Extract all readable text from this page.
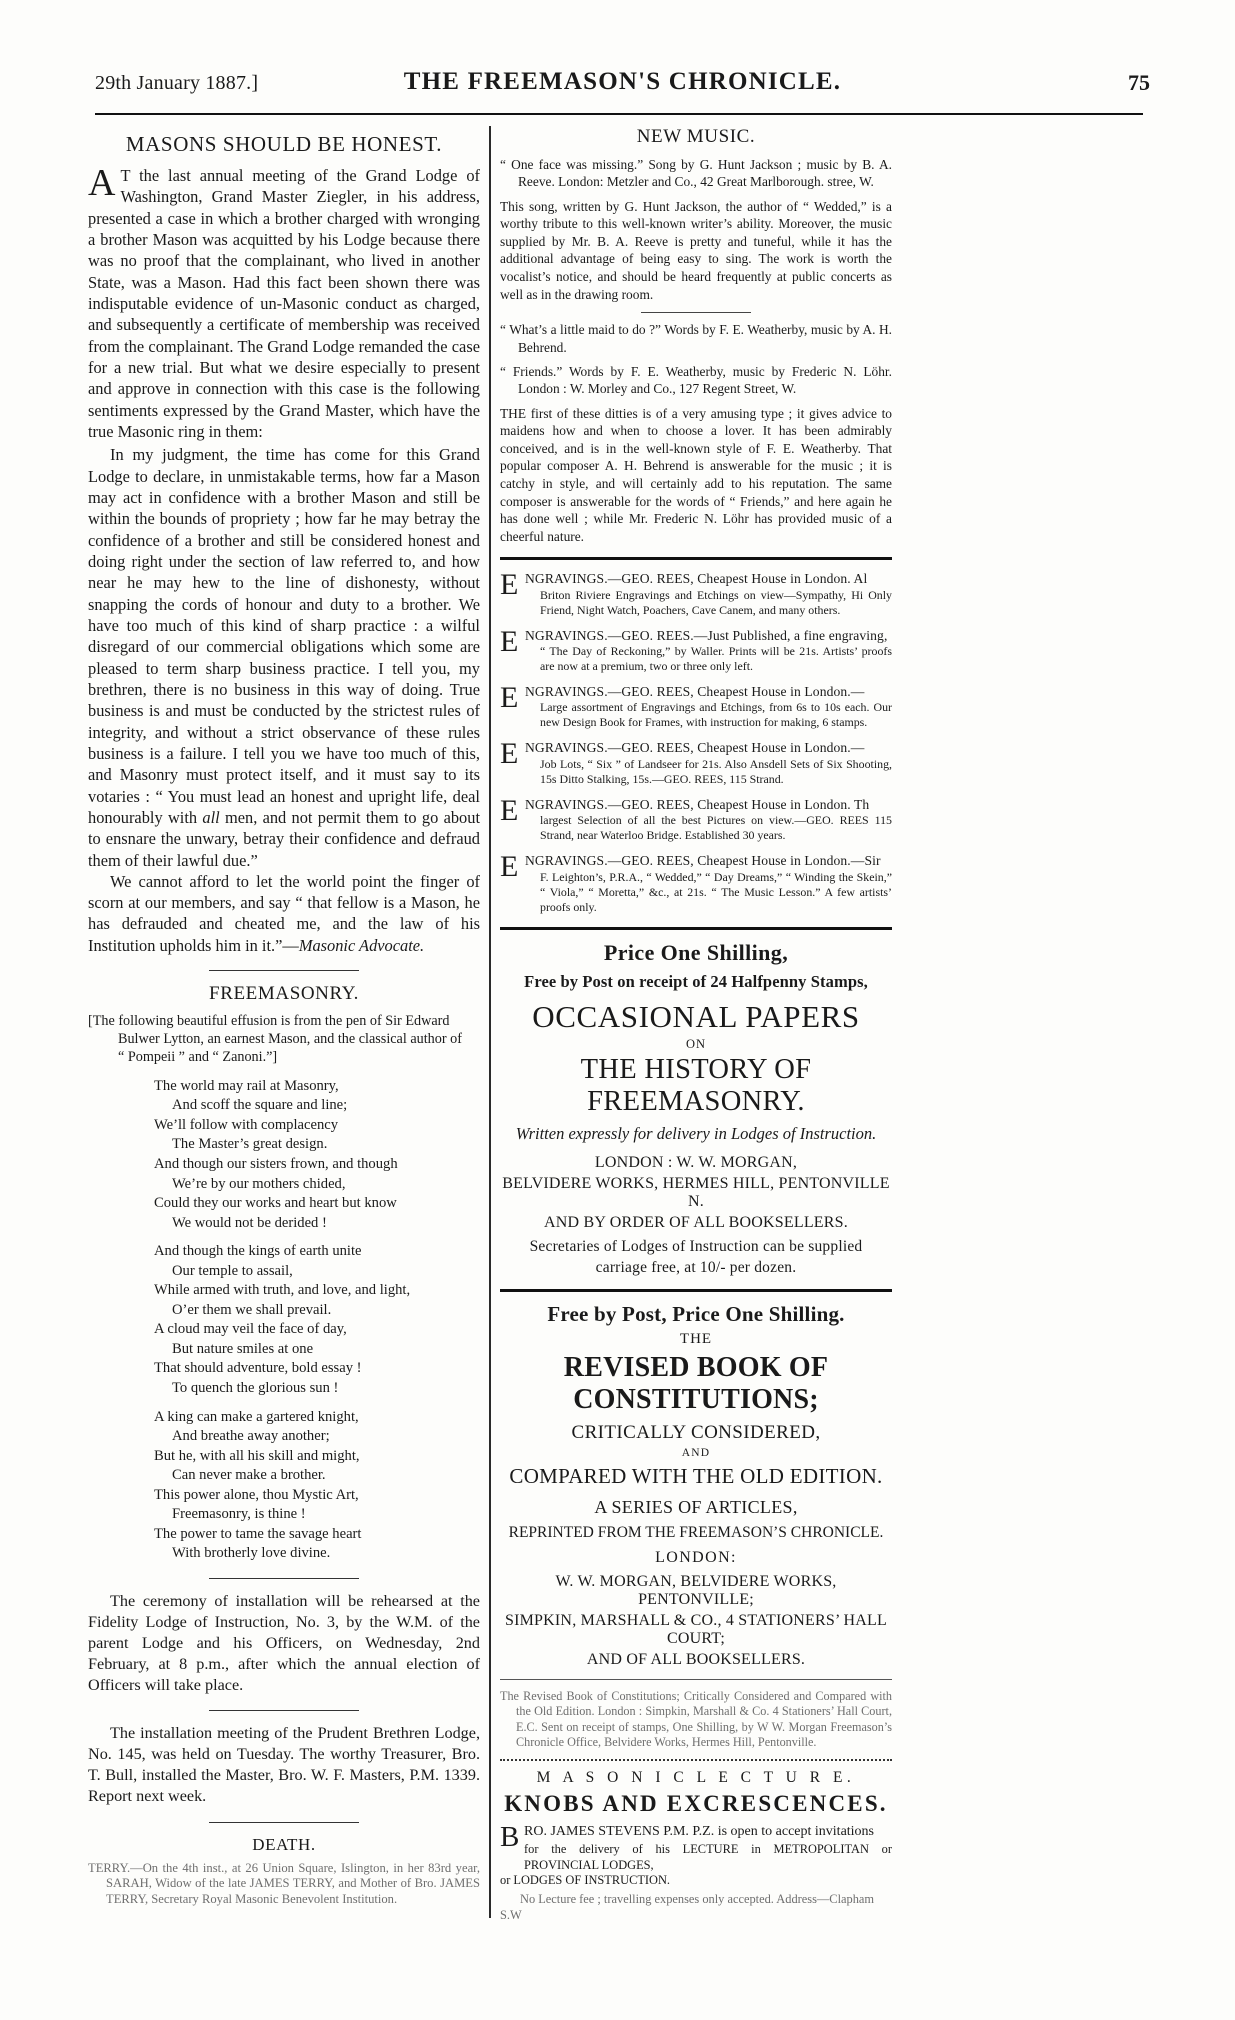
29th January 1887.]	THE FREEMASON'S CHRONICLE.	75
MASONS SHOULD BE HONEST.
A T the last annual meeting of the Grand Lodge of Washington, Grand Master Ziegler, in his address, presented a case in which a brother charged with wronging a brother Mason was acquitted by his Lodge because there was no proof that the complainant, who lived in another State, was a Mason. Had this fact been shown there was indisputable evidence of un-Masonic conduct as charged, and subsequently a certificate of membership was received from the complainant. The Grand Lodge remanded the case for a new trial. But what we desire especially to present and approve in connection with this case is the following sentiments expressed by the Grand Master, which have the true Masonic ring in them:

In my judgment, the time has come for this Grand Lodge to declare, in unmistakable terms, how far a Mason may act in confidence with a brother Mason and still be within the bounds of propriety ; how far he may betray the confidence of a brother and still be considered honest and doing right under the section of law referred to, and how near he may hew to the line of dishonesty, without snapping the cords of honour and duty to a brother. We have too much of this kind of sharp practice : a wilful disregard of our commercial obligations which some are pleased to term sharp business practice. I tell you, my brethren, there is no business in this way of doing. True business is and must be conducted by the strictest rules of integrity, and without a strict observance of these rules business is a failure. I tell you we have too much of this, and Masonry must protect itself, and it must say to its votaries : “ You must lead an honest and upright life, deal honourably with all men, and not permit them to go about to ensnare the unwary, betray their confidence and defraud them of their lawful due.”

We cannot afford to let the world point the finger of scorn at our members, and say “ that fellow is a Mason, he has defrauded and cheated me, and the law of his Institution upholds him in it.”—Masonic Advocate.

FREEMASONRY.
[The following beautiful effusion is from the pen of Sir Edward
Bulwer Lytton, an earnest Mason, and the classical author of
“ Pompeii ” and “ Zanoni.”]
The world may rail at Masonry,
And scoff the square and line;
We’ll follow with complacency
The Master’s great design.
And though our sisters frown, and though
We’re by our mothers chided,
Could they our works and heart but know
We would not be derided !
And though the kings of earth unite
Our temple to assail,
While armed with truth, and love, and light,
O’er them we shall prevail.
A cloud may veil the face of day,
But nature smiles at one
That should adventure, bold essay !
To quench the glorious sun !
A king can make a gartered knight,
And breathe away another;
But he, with all his skill and might,
Can never make a brother.
This power alone, thou Mystic Art,
Freemasonry, is thine !
The power to tame the savage heart
With brotherly love divine.

The ceremony of installation will be rehearsed at the Fidelity Lodge of Instruction, No. 3, by the W.M. of the parent Lodge and his Officers, on Wednesday, 2nd February, at 8 p.m., after which the annual election of Officers will take place.

The installation meeting of the Prudent Brethren Lodge, No. 145, was held on Tuesday. The worthy Treasurer, Bro. T. Bull, installed the Master, Bro. W. F. Masters, P.M. 1339. Report next week.

DEATH.
TERRY.—On the 4th inst., at 26 Union Square, Islington, in her 83rd year, SARAH, Widow of the late JAMES TERRY, and Mother of Bro. JAMES TERRY, Secretary Royal Masonic Benevolent Institution.
NEW MUSIC.
“ One face was missing.” Song by G. Hunt Jackson ; music by B. A. Reeve. London: Metzler and Co., 42 Great Marlborough. stree, W.
This song, written by G. Hunt Jackson, the author of “ Wedded,” is a worthy tribute to this well-known writer’s ability. Moreover, the music supplied by Mr. B. A. Reeve is pretty and tuneful, while it has the additional advantage of being easy to sing. The work is worth the vocalist’s notice, and should be heard frequently at public concerts as well as in the drawing room.
“ What’s a little maid to do ?” Words by F. E. Weatherby, music by A. H. Behrend.
“ Friends.” Words by F. E. Weatherby, music by Frederic N. Löhr. London : W. Morley and Co., 127 Regent Street, W.
THE first of these ditties is of a very amusing type ; it gives advice to maidens how and when to choose a lover. It has been admirably conceived, and is in the well-known style of F. E. Weatherby. That popular composer A. H. Behrend is answerable for the music ; it is catchy in style, and will certainly add to his reputation. The same composer is answerable for the words of “ Friends,” and here again he has done well ; while Mr. Frederic N. Löhr has provided music of a cheerful nature.
E NGRAVINGS.—GEO. REES, Cheapest House in London. Al
Briton Riviere Engravings and Etchings on view—Sympathy, Hi Only Friend, Night Watch, Poachers, Cave Canem, and many others.
E NGRAVINGS.—GEO. REES.—Just Published, a fine engraving,
“ The Day of Reckoning,” by Waller. Prints will be 21s. Artists’ proofs are now at a premium, two or three only left.
E NGRAVINGS.—GEO. REES, Cheapest House in London.—
Large assortment of Engravings and Etchings, from 6s to 10s each. Our new Design Book for Frames, with instruction for making, 6 stamps.
E NGRAVINGS.—GEO. REES, Cheapest House in London.—
Job Lots, “ Six ” of Landseer for 21s. Also Ansdell Sets of Six Shooting, 15s Ditto Stalking, 15s.—GEO. REES, 115 Strand.
E NGRAVINGS.—GEO. REES, Cheapest House in London. Th
largest Selection of all the best Pictures on view.—GEO. REES 115 Strand, near Waterloo Bridge. Established 30 years.
E NGRAVINGS.—GEO. REES, Cheapest House in London.—Sir
F. Leighton’s, P.R.A., “ Wedded,” “ Day Dreams,” “ Winding the Skein,” “ Viola,” “ Moretta,” &c., at 21s. “ The Music Lesson.” A few artists’ proofs only.
Price One Shilling,
Free by Post on receipt of 24 Halfpenny Stamps,
OCCASIONAL PAPERS
ON
THE HISTORY OF FREEMASONRY.
Written expressly for delivery in Lodges of Instruction.
LONDON : W. W. MORGAN,
BELVIDERE WORKS, HERMES HILL, PENTONVILLE N.
AND BY ORDER OF ALL BOOKSELLERS.
Secretaries of Lodges of Instruction can be supplied
carriage free, at 10/- per dozen.
Free by Post, Price One Shilling.
THE
REVISED BOOK OF CONSTITUTIONS;
CRITICALLY CONSIDERED,
AND
COMPARED WITH THE OLD EDITION.
A SERIES OF ARTICLES,
REPRINTED FROM THE FREEMASON’S CHRONICLE.
LONDON:
W. W. MORGAN, BELVIDERE WORKS, PENTONVILLE;
SIMPKIN, MARSHALL & CO., 4 STATIONERS’ HALL COURT;
AND OF ALL BOOKSELLERS.
The Revised Book of Constitutions; Critically Considered and Compared with the Old Edition. London : Simpkin, Marshall & Co. 4 Stationers’ Hall Court, E.C. Sent on receipt of stamps, One Shilling, by W W. Morgan Freemason’s Chronicle Office, Belvidere Works, Hermes Hill, Pentonville.
M A S O N I C L E C T U R E.
KNOBS AND EXCRESCENCES.
B RO. JAMES STEVENS P.M. P.Z. is open to accept invitations
for the delivery of his LECTURE in METROPOLITAN or PROVINCIAL LODGES,
or LODGES OF INSTRUCTION.
No Lecture fee ; travelling expenses only accepted. Address—Clapham S.W
